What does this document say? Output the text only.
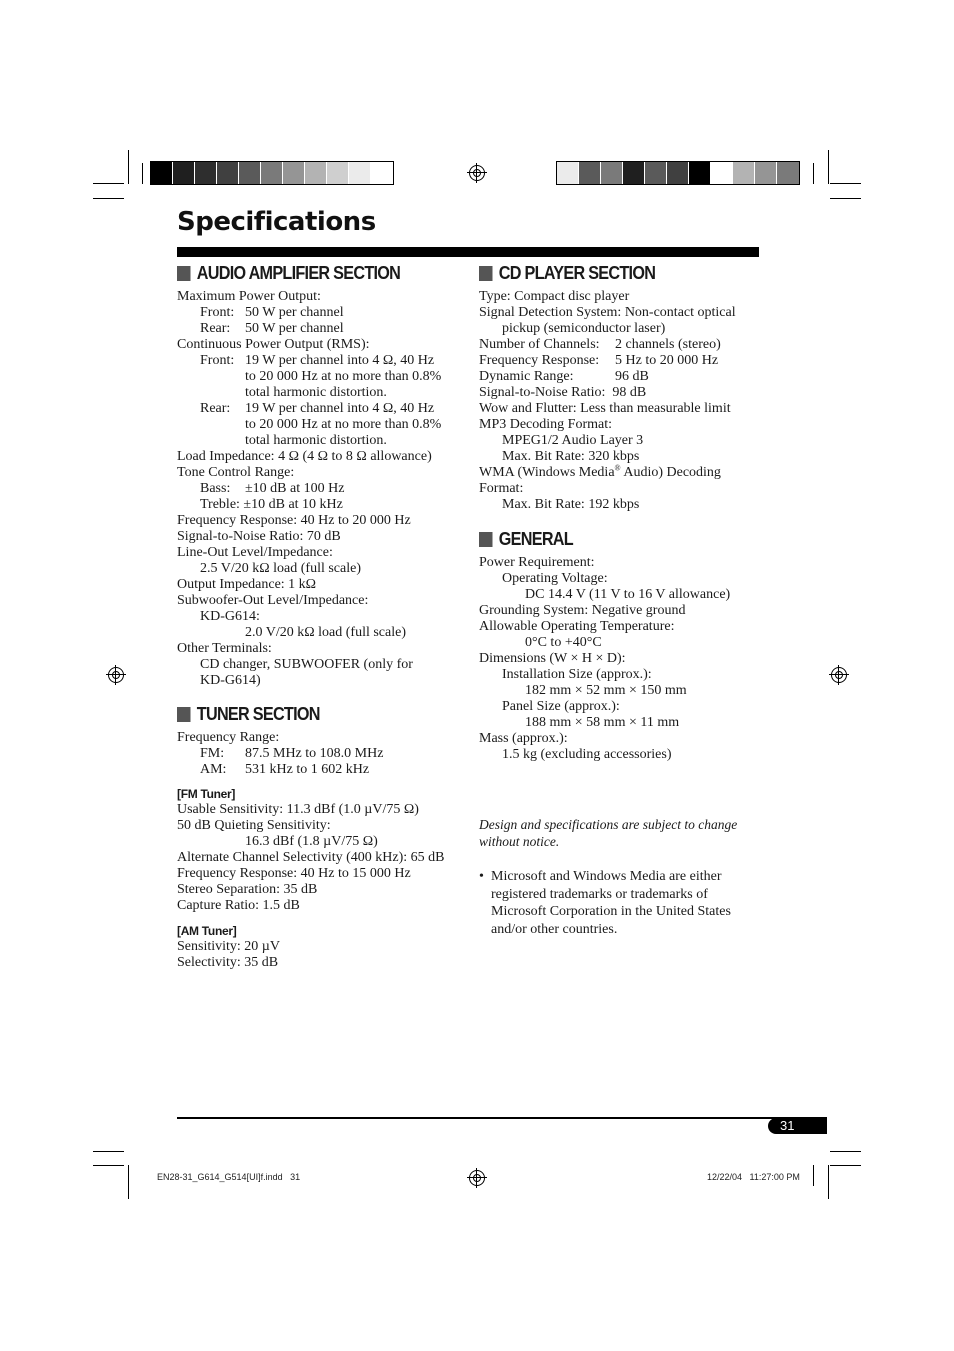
Specifications
AUDIO AMPLIFIER SECTION

Maximum Power Output:

Front: 50 W per channel

Rear:	50 W per channel

Continuous Power Output (RMS):

Front: 19 W per channel into 4 Ω, 40 Hz

to 20 000 Hz at no more than 0.8%

total harmonic distortion.

Rear:	19 W per channel into 4 Ω, 40 Hz

to 20 000 Hz at no more than 0.8%

total harmonic distortion.

Load Impedance: 4 Ω (4 Ω to 8 Ω allowance)

Tone Control Range:

Bass:	±10 dB at 100 Hz

Treble: ±10 dB at 10 kHz

Frequency Response: 40 Hz to 20 000 Hz

Signal-to-Noise Ratio: 70 dB

Line-Out Level/Impedance:

2.5 V/20 kΩ load (full scale)

Output Impedance: 1 kΩ

Subwoofer-Out Level/Impedance:

KD-G614:

2.0 V/20 kΩ load (full scale)

Other Terminals:

CD changer, SUBWOOFER (only for

KD-G614)

TUNER SECTION

Frequency Range:

FM:	87.5 MHz to 108.0 MHz

AM:	531 kHz to 1 602 kHz

[FM Tuner]

Usable Sensitivity: 11.3 dBf (1.0 µV/75 Ω)

50 dB Quieting Sensitivity:

16.3 dBf (1.8 µV/75 Ω)

Alternate Channel Selectivity (400 kHz): 65 dB

Frequency Response: 40 Hz to 15 000 Hz

Stereo Separation: 35 dB

Capture Ratio: 1.5 dB

[AM Tuner]

Sensitivity: 20 µV

Selectivity: 35 dB

CD PLAYER SECTION

Type: Compact disc player

Signal Detection System: Non-contact optical

pickup (semiconductor laser)

Number of Channels:	2 channels (stereo)

Frequency Response:	5 Hz to 20 000 Hz

Dynamic Range:	96 dB

Signal-to-Noise Ratio:  98 dB

Wow and Flutter: Less than measurable limit

MP3 Decoding Format:

MPEG1/2 Audio Layer 3

Max. Bit Rate: 320 kbps

WMA (Windows Media® Audio) Decoding

Format:

Max. Bit Rate: 192 kbps

GENERAL

Power Requirement:

Operating Voltage:

DC 14.4 V (11 V to 16 V allowance)

Grounding System: Negative ground

Allowable Operating Temperature:

0°C to +40°C

Dimensions (W × H × D):

Installation Size (approx.):

182 mm × 52 mm × 150 mm

Panel Size (approx.):

188 mm × 58 mm × 11 mm

Mass (approx.):

1.5 kg (excluding accessories)

Design and specifications are subject to change

without notice.

• Microsoft and Windows Media are either

registered trademarks or trademarks of

Microsoft Corporation in the United States

and/or other countries.

31
EN28-31_G614_G514[UI]f.indd   31	12/22/04   11:27:00 PM
